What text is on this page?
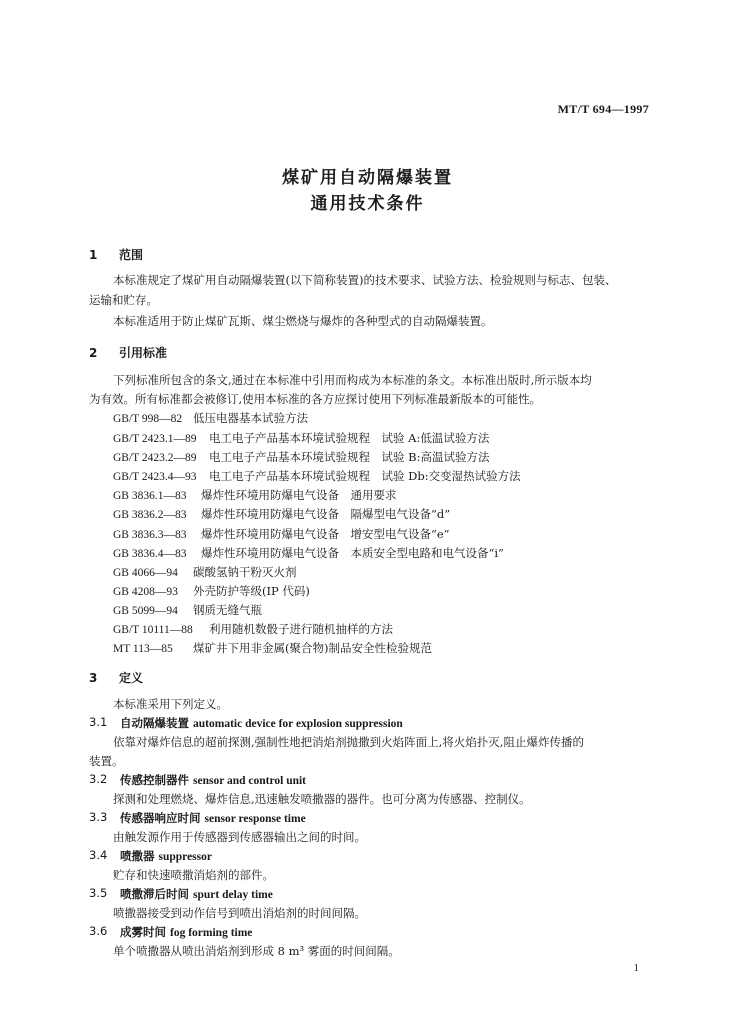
MT/T 694—1997
煤矿用自动隔爆装置
通用技术条件
1 范围
本标准规定了煤矿用自动隔爆装置(以下简称装置)的技术要求、试验方法、检验规则与标志、包装、
运输和贮存。
本标准适用于防止煤矿瓦斯、煤尘燃烧与爆炸的各种型式的自动隔爆装置。
2 引用标准
下列标准所包含的条文,通过在本标准中引用而构成为本标准的条文。本标准出版时,所示版本均
为有效。所有标准都会被修订,使用本标准的各方应探讨使用下列标准最新版本的可能性。
GB/T 998—82 低压电器基本试验方法
GB/T 2423.1—89 电工电子产品基本环境试验规程　试验 A:低温试验方法
GB/T 2423.2—89 电工电子产品基本环境试验规程　试验 B:高温试验方法
GB/T 2423.4—93 电工电子产品基本环境试验规程　试验 Db:交变湿热试验方法
GB 3836.1—83 爆炸性环境用防爆电气设备　通用要求
GB 3836.2—83 爆炸性环境用防爆电气设备　隔爆型电气设备“d”
GB 3836.3—83 爆炸性环境用防爆电气设备　增安型电气设备“e”
GB 3836.4—83 爆炸性环境用防爆电气设备　本质安全型电路和电气设备“i”
GB 4066—94 碳酸氢钠干粉灭火剂
GB 4208—93 外壳防护等级(IP 代码)
GB 5099—94 钢质无缝气瓶
GB/T 10111—88 利用随机数骰子进行随机抽样的方法
MT 113—85 煤矿井下用非金属(聚合物)制品安全性检验规范
3 定义
本标准采用下列定义。
3.1 自动隔爆装置 automatic device for explosion suppression
依靠对爆炸信息的超前探测,强制性地把消焰剂抛撒到火焰阵面上,将火焰扑灭,阻止爆炸传播的
装置。
3.2 传感控制器件 sensor and control unit
探测和处理燃烧、爆炸信息,迅速触发喷撒器的器件。也可分离为传感器、控制仪。
3.3 传感器响应时间 sensor response time
由触发源作用于传感器到传感器输出之间的时间。
3.4 喷撒器 suppressor
贮存和快速喷撒消焰剂的部件。
3.5 喷撒滞后时间 spurt delay time
喷撒器接受到动作信号到喷出消焰剂的时间间隔。
3.6 成雾时间 fog forming time
单个喷撒器从喷出消焰剂到形成 8 m³ 雾面的时间间隔。
1
